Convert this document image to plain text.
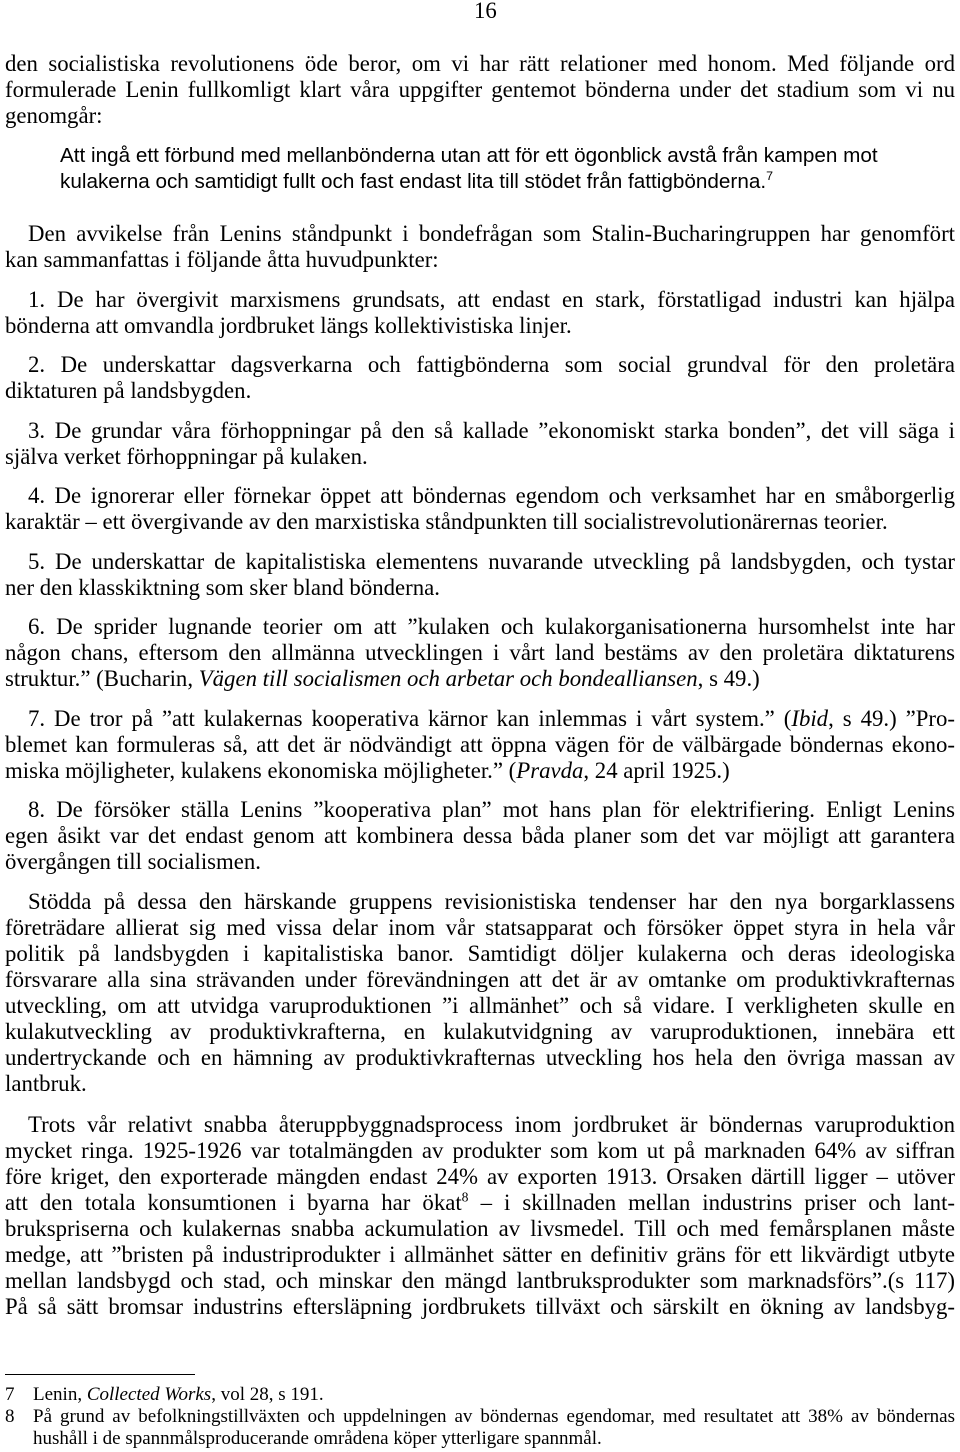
16
den socialistiska revolutionens öde beror, om vi har rätt relationer med honom. Med följande ord
formulerade Lenin fullkomligt klart våra uppgifter gentemot bönderna under det stadium som vi nu
genomgår:
Att ingå ett förbund med mellanbönderna utan att för ett ögonblick avstå från kampen mot
kulakerna och samtidigt fullt och fast endast lita till stödet från fattigbönderna.$^7$
Den avvikelse från Lenins ståndpunkt i bondefrågan som Stalin-Bucharingruppen har genomfört
kan sammanfattas i följande åtta huvudpunkter:
1. De har övergivit marxismens grundsats, att endast en stark, förstatligad industri kan hjälpa
bönderna att omvandla jordbruket längs kollektivistiska linjer.
2. De underskattar dagsverkarna och fattigbönderna som social grundval för den proletära
diktaturen på landsbygden.
3. De grundar våra förhoppningar på den så kallade ”ekonomiskt starka bonden”, det vill säga i
själva verket förhoppningar på kulaken.
4. De ignorerar eller förnekar öppet att böndernas egendom och verksamhet har en småborgerlig
karaktär – ett övergivande av den marxistiska ståndpunkten till socialistrevolutionärernas teorier.
5. De underskattar de kapitalistiska elementens nuvarande utveckling på landsbygden, och tystar
ner den klasskiktning som sker bland bönderna.
6. De sprider lugnande teorier om att ”kulaken och kulakorganisationerna hursomhelst inte har
någon chans, eftersom den allmänna utvecklingen i vårt land bestäms av den proletära diktaturens
struktur.” (Bucharin, Vägen till socialismen och arbetar och bondealliansen, s 49.)
7. De tror på ”att kulakernas kooperativa kärnor kan inlemmas i vårt system.” (Ibid, s 49.) ”Pro-
blemet kan formuleras så, att det är nödvändigt att öppna vägen för de välbärgade böndernas ekono-
miska möjligheter, kulakens ekonomiska möjligheter.” (Pravda, 24 april 1925.)
8. De försöker ställa Lenins ”kooperativa plan” mot hans plan för elektrifiering. Enligt Lenins
egen åsikt var det endast genom att kombinera dessa båda planer som det var möjligt att garantera
övergången till socialismen.
Stödda på dessa den härskande gruppens revisionistiska tendenser har den nya borgarklassens
företrädare allierat sig med vissa delar inom vår statsapparat och försöker öppet styra in hela vår
politik på landsbygden i kapitalistiska banor. Samtidigt döljer kulakerna och deras ideologiska
försvarare alla sina strävanden under förevändningen att det är av omtanke om produktivkrafternas
utveckling, om att utvidga varuproduktionen ”i allmänhet” och så vidare. I verkligheten skulle en
kulakutveckling av produktivkrafterna, en kulakutvidgning av varuproduktionen, innebära ett
undertryckande och en hämning av produktivkrafternas utveckling hos hela den övriga massan av
lantbruk.
Trots vår relativt snabba återuppbyggnadsprocess inom jordbruket är böndernas varuproduktion
mycket ringa. 1925-1926 var totalmängden av produkter som kom ut på marknaden 64% av siffran
före kriget, den exporterade mängden endast 24% av exporten 1913. Orsaken därtill ligger – utöver
att den totala konsumtionen i byarna har ökat$^8$ – i skillnaden mellan industrins priser och lant-
brukspriserna och kulakernas snabba ackumulation av livsmedel. Till och med femårsplanen måste
medge, att ”bristen på industriprodukter i allmänhet sätter en definitiv gräns för ett likvärdigt utbyte
mellan landsbygd och stad, och minskar den mängd lantbruksprodukter som marknadsförs”.(s 117)
På så sätt bromsar industrins eftersläpning jordbrukets tillväxt och särskilt en ökning av landsbyg-
7 Lenin, Collected Works, vol 28, s 191.
8 På grund av befolkningstillväxten och uppdelningen av böndernas egendomar, med resultatet att 38% av böndernas
hushåll i de spannmålsproducerande områdena köper ytterligare spannmål.
